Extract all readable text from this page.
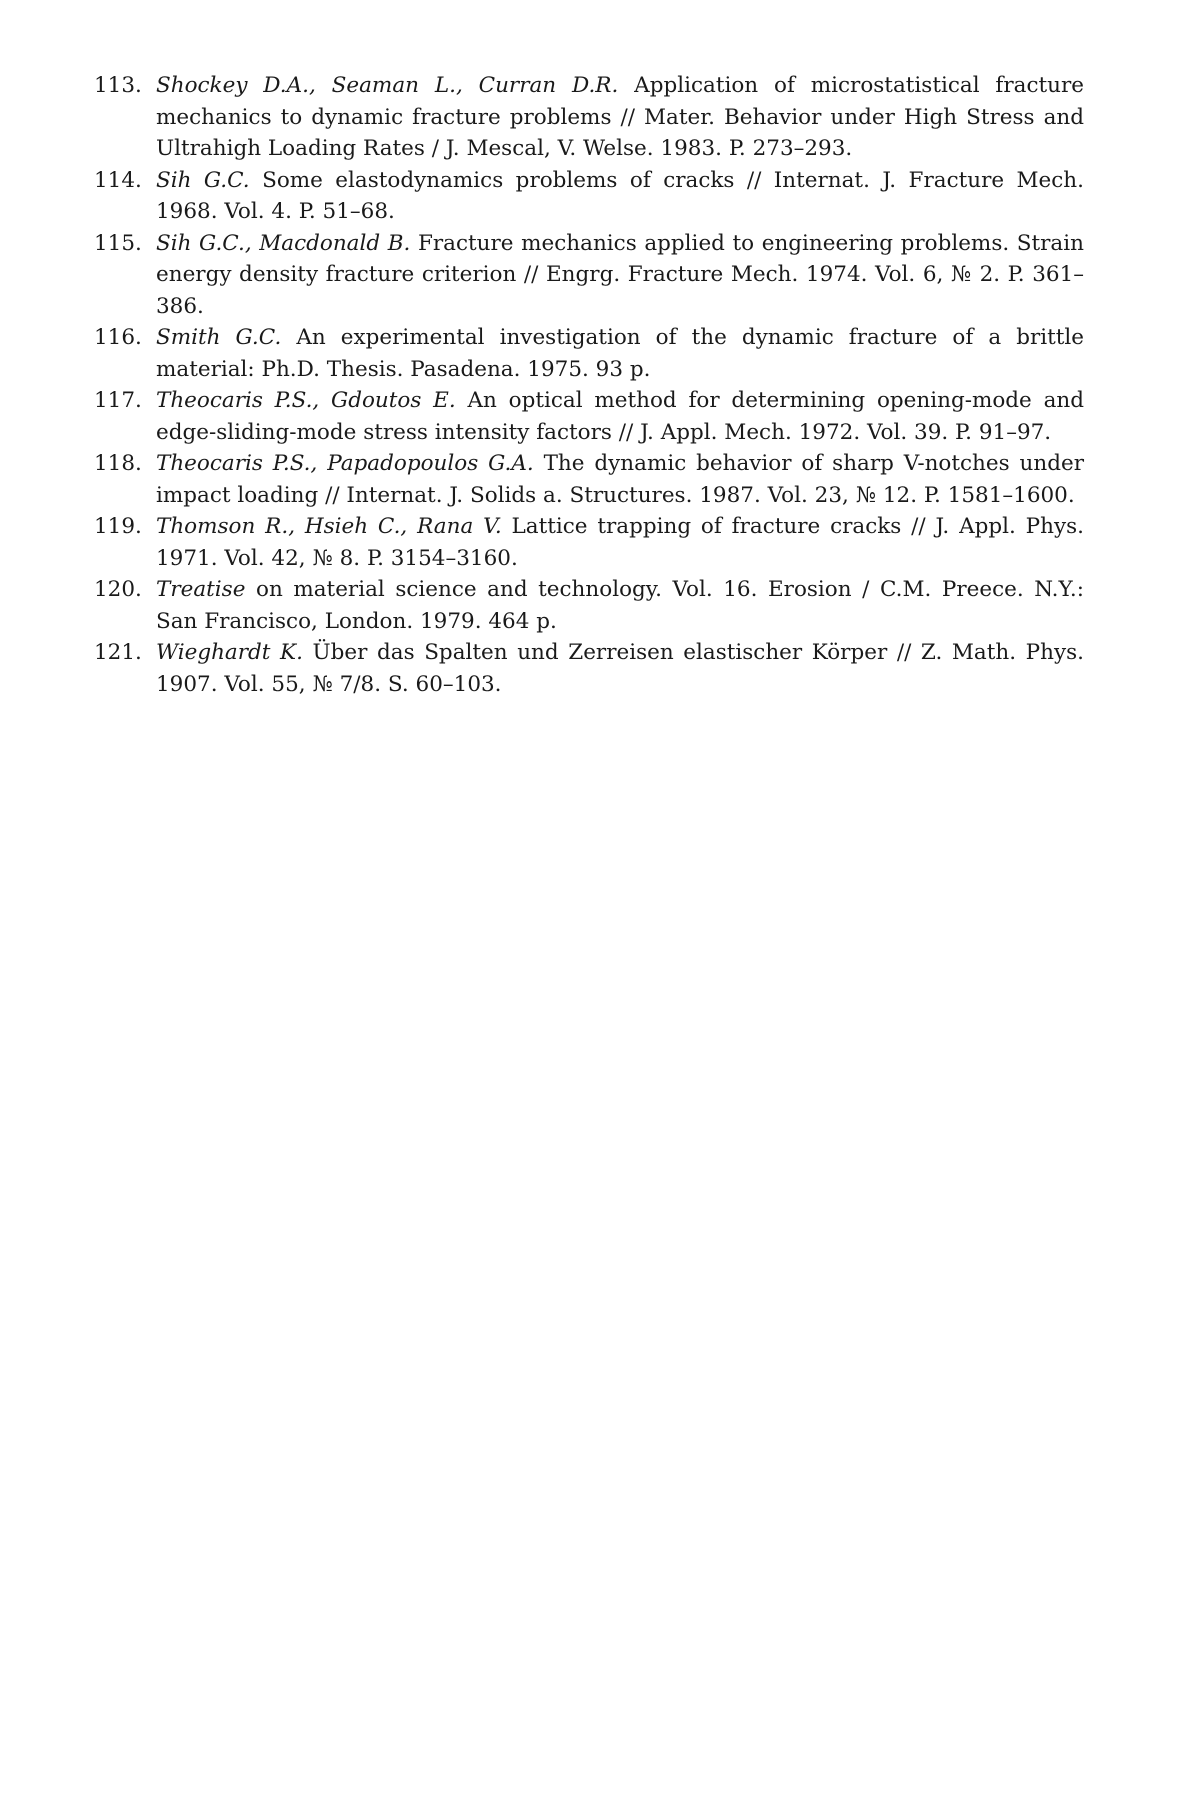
113. Shockey D.A., Seaman L., Curran D.R. Application of microstatistical fracture mechanics to dynamic fracture problems // Mater. Behavior under High Stress and Ultrahigh Loading Rates / J. Mescal, V. Welse. 1983. P. 273–293.
114. Sih G.C. Some elastodynamics problems of cracks // Internat. J. Fracture Mech. 1968. Vol. 4. P. 51–68.
115. Sih G.C., Macdonald B. Fracture mechanics applied to engineering problems. Strain energy density fracture criterion // Engrg. Fracture Mech. 1974. Vol. 6, № 2. P. 361–386.
116. Smith G.C. An experimental investigation of the dynamic fracture of a brittle material: Ph.D. Thesis. Pasadena. 1975. 93 p.
117. Theocaris P.S., Gdoutos E. An optical method for determining opening-mode and edge-sliding-mode stress intensity factors // J. Appl. Mech. 1972. Vol. 39. P. 91–97.
118. Theocaris P.S., Papadopoulos G.A. The dynamic behavior of sharp V-notches under impact loading // Internat. J. Solids a. Structures. 1987. Vol. 23, № 12. P. 1581–1600.
119. Thomson R., Hsieh C., Rana V. Lattice trapping of fracture cracks // J. Appl. Phys. 1971. Vol. 42, № 8. P. 3154–3160.
120. Treatise on material science and technology. Vol. 16. Erosion / C.M. Preece. N.Y.: San Francisco, London. 1979. 464 p.
121. Wieghardt K. Über das Spalten und Zerreisen elastischer Körper // Z. Math. Phys. 1907. Vol. 55, № 7/8. S. 60–103.
